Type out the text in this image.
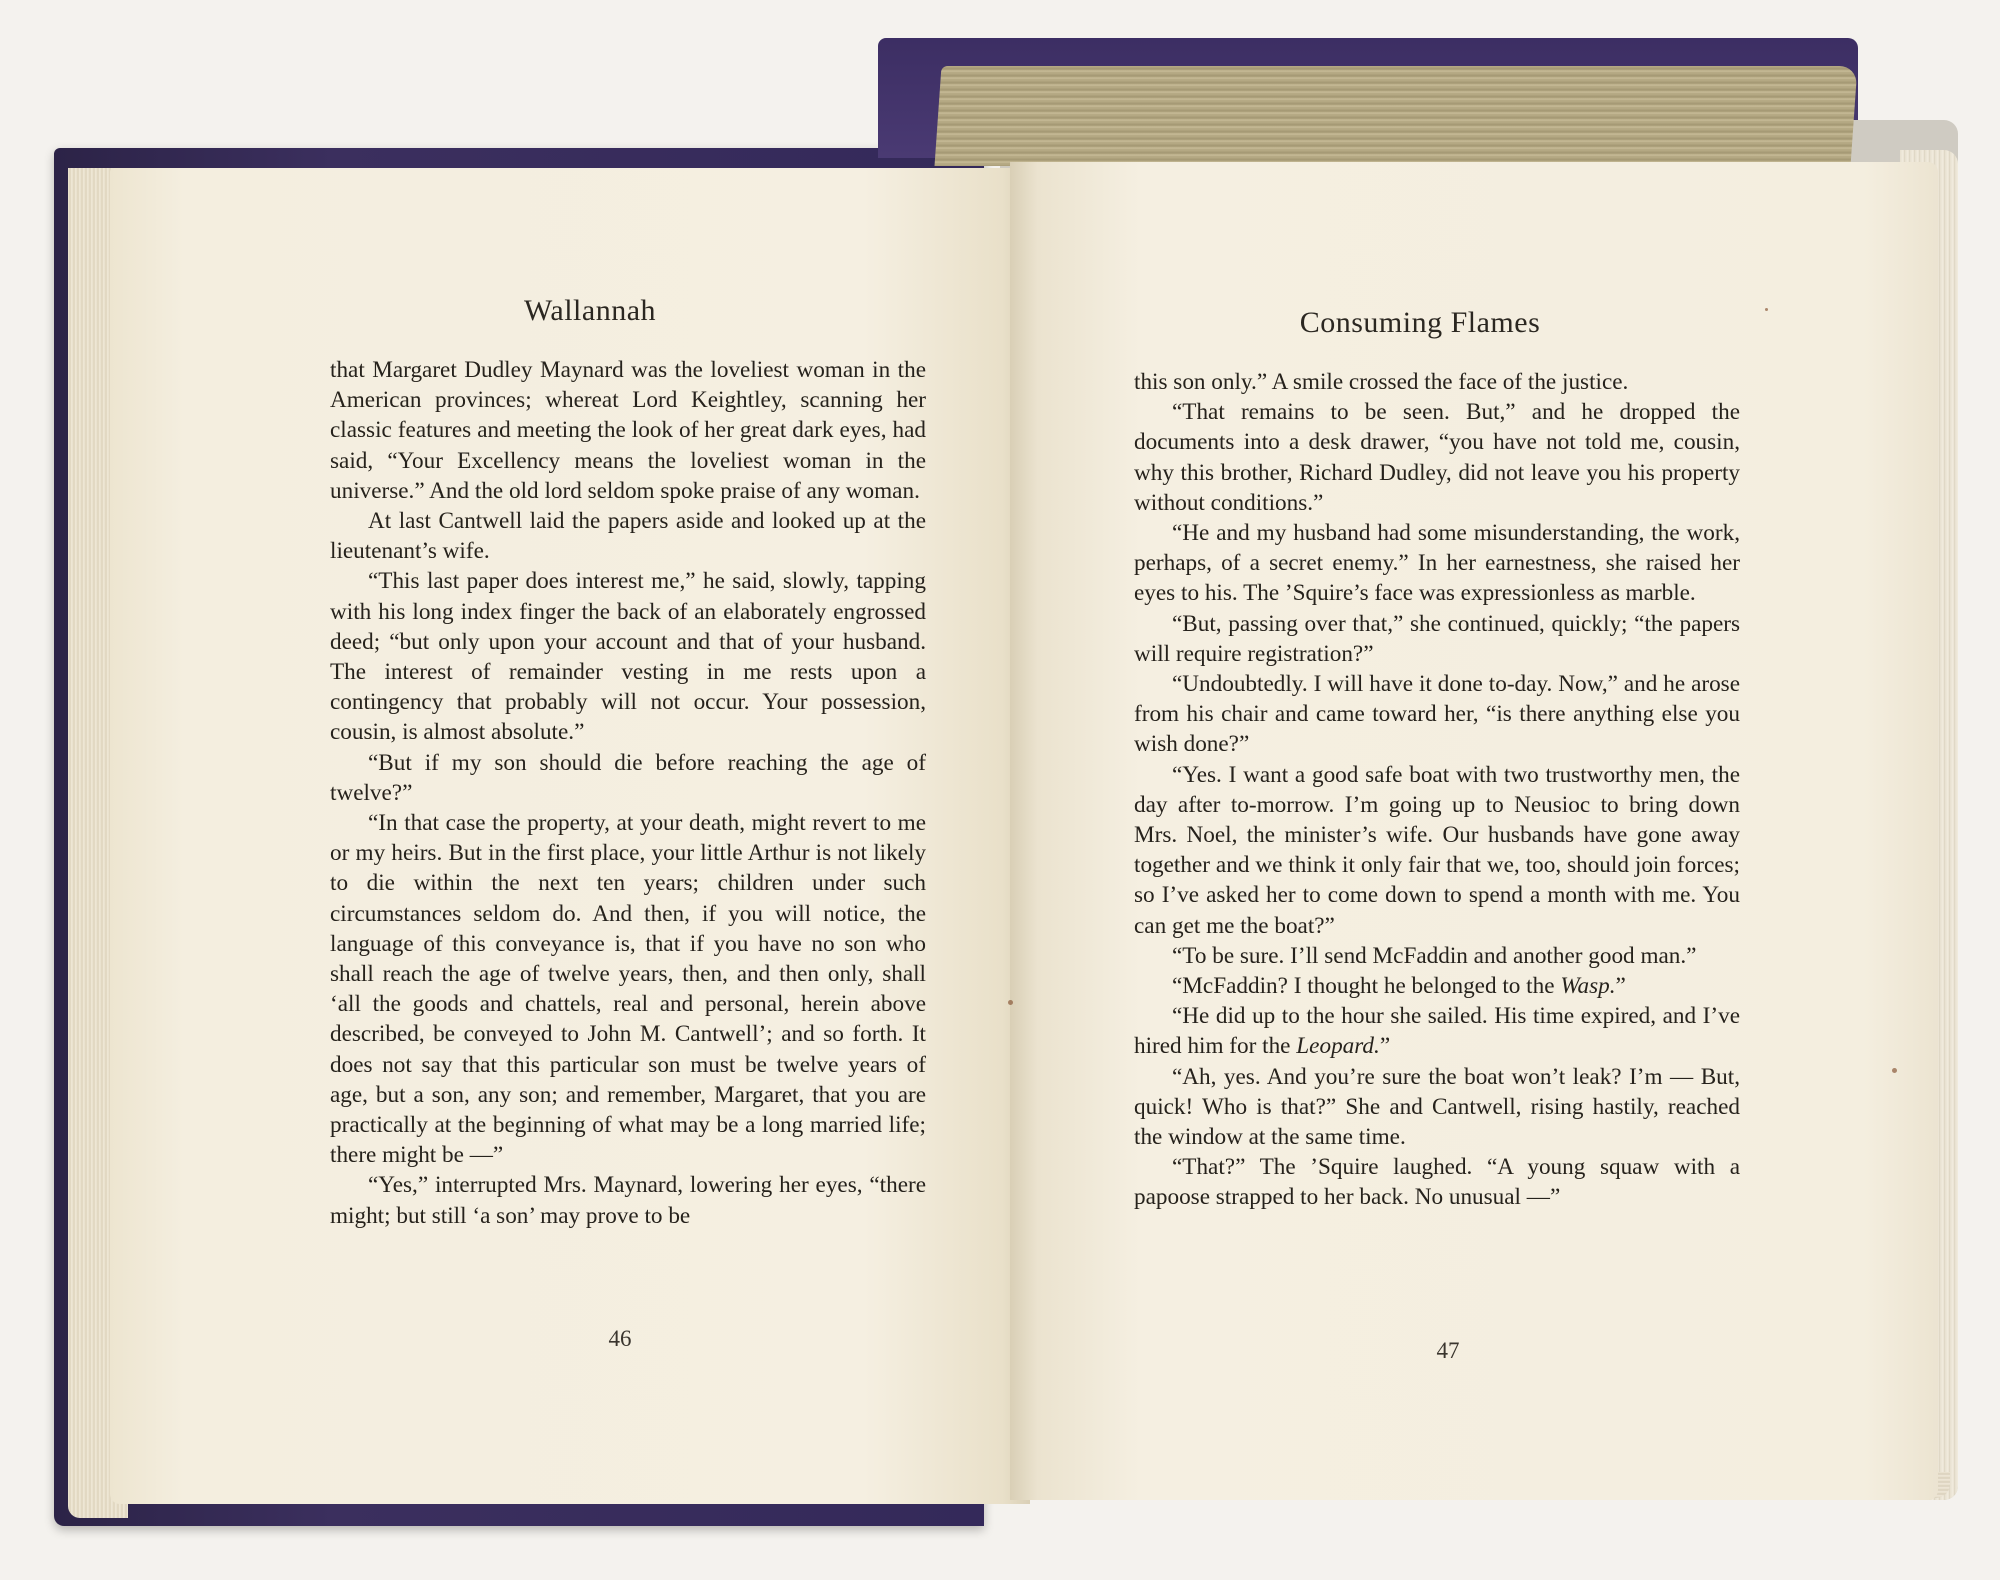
Wallannah

that Margaret Dudley Maynard was the loveliest woman in the American provinces; whereat Lord Keightley, scanning her classic features and meeting the look of her great dark eyes, had said, “Your Excellency means the loveliest woman in the universe.” And the old lord seldom spoke praise of any woman.

At last Cantwell laid the papers aside and looked up at the lieutenant’s wife.

“This last paper does interest me,” he said, slowly, tapping with his long index finger the back of an elaborately engrossed deed; “but only upon your account and that of your husband. The interest of remainder vesting in me rests upon a contingency that probably will not occur. Your possession, cousin, is almost absolute.”

“But if my son should die before reaching the age of twelve?”

“In that case the property, at your death, might revert to me or my heirs. But in the first place, your little Arthur is not likely to die within the next ten years; children under such circumstances seldom do. And then, if you will notice, the language of this conveyance is, that if you have no son who shall reach the age of twelve years, then, and then only, shall ‘all the goods and chattels, real and personal, herein above described, be conveyed to John M. Cantwell’; and so forth. It does not say that this particular son must be twelve years of age, but a son, any son; and remember, Margaret, that you are practically at the beginning of what may be a long married life; there might be —”

“Yes,” interrupted Mrs. Maynard, lowering her eyes, “there might; but still ‘a son’ may prove to be

46
Consuming Flames

this son only.” A smile crossed the face of the justice.

“That remains to be seen. But,” and he dropped the documents into a desk drawer, “you have not told me, cousin, why this brother, Richard Dudley, did not leave you his property without conditions.”

“He and my husband had some misunderstanding, the work, perhaps, of a secret enemy.” In her earnestness, she raised her eyes to his. The ’Squire’s face was expressionless as marble.

“But, passing over that,” she continued, quickly; “the papers will require registration?”

“Undoubtedly. I will have it done to-day. Now,” and he arose from his chair and came toward her, “is there anything else you wish done?”

“Yes. I want a good safe boat with two trustworthy men, the day after to-morrow. I’m going up to Neusioc to bring down Mrs. Noel, the minister’s wife. Our husbands have gone away together and we think it only fair that we, too, should join forces; so I’ve asked her to come down to spend a month with me. You can get me the boat?”

“To be sure. I’ll send McFaddin and another good man.”

“McFaddin? I thought he belonged to the Wasp.”

“He did up to the hour she sailed. His time expired, and I’ve hired him for the Leopard.”

“Ah, yes. And you’re sure the boat won’t leak? I’m — But, quick! Who is that?” She and Cantwell, rising hastily, reached the window at the same time.

“That?” The ’Squire laughed. “A young squaw with a papoose strapped to her back. No unusual —”

47
